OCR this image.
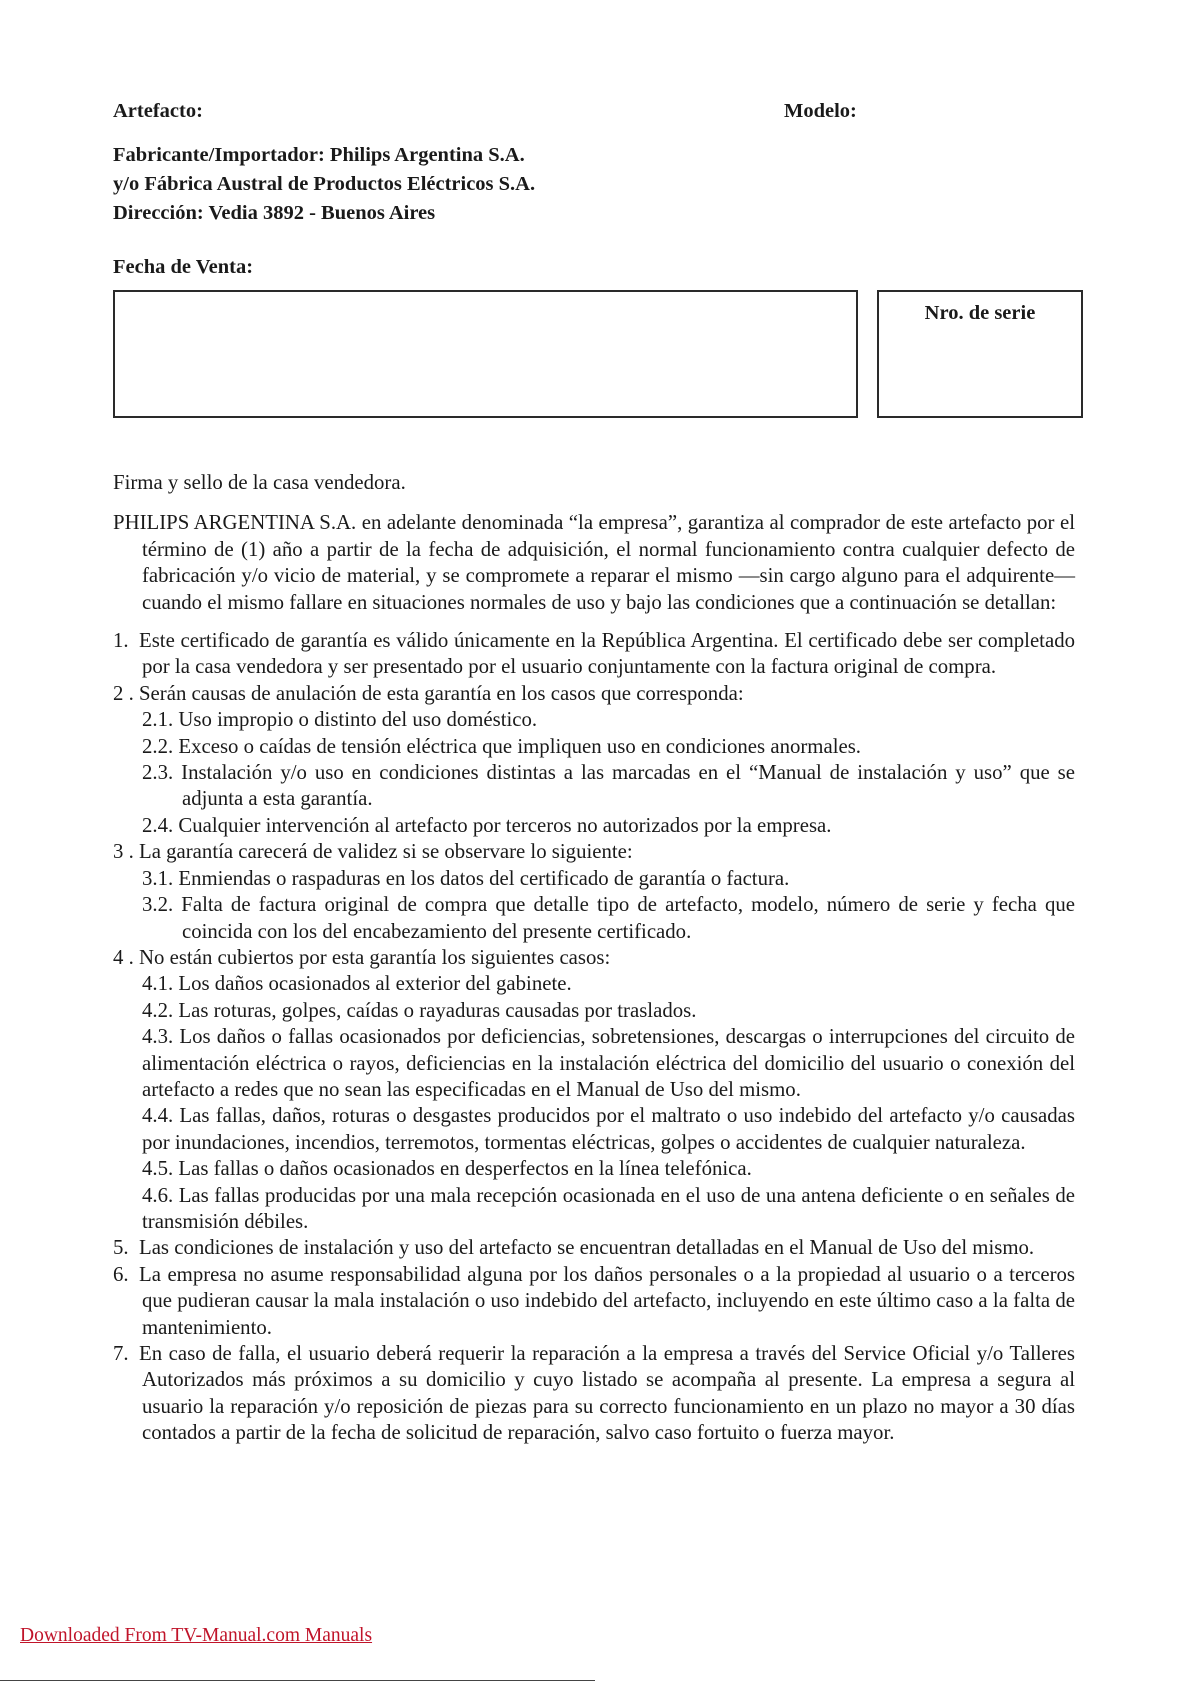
Artefacto:	Modelo:
Fabricante/Importador: Philips Argentina S.A.
y/o Fábrica Austral de Productos Eléctricos S.A.
Dirección: Vedia 3892 - Buenos Aires
Fecha de Venta:
Nro. de serie

Firma y sello de la casa vendedora.

PHILIPS ARGENTINA S.A. en adelante denominada “la empresa”, garantiza al comprador de este artefacto por el término de (1) año a partir de la fecha de adquisición, el normal funcionamiento contra cualquier defecto de fabricación y/o vicio de material, y se compromete a reparar el mismo —sin cargo alguno para el adquirente— cuando el mismo fallare en situaciones normales de uso y bajo las condiciones que a continuación se detallan:

1. Este certificado de garantía es válido únicamente en la República Argentina. El certificado debe ser completado por la casa vendedora y ser presentado por el usuario conjuntamente con la factura original de compra.

2 . Serán causas de anulación de esta garantía en los casos que corresponda:

2.1. Uso impropio o distinto del uso doméstico.

2.2. Exceso o caídas de tensión eléctrica que impliquen uso en condiciones anormales.

2.3. Instalación y/o uso en condiciones distintas a las marcadas en el “Manual de instalación y uso” que se adjunta a esta garantía.

2.4. Cualquier intervención al artefacto por terceros no autorizados por la empresa.

3 . La garantía carecerá de validez si se observare lo siguiente:

3.1. Enmiendas o raspaduras en los datos del certificado de garantía o factura.

3.2. Falta de factura original de compra que detalle tipo de artefacto, modelo, número de serie y fecha que coincida con los del encabezamiento del presente certificado.

4 . No están cubiertos por esta garantía los siguientes casos:

4.1. Los daños ocasionados al exterior del gabinete.

4.2. Las roturas, golpes, caídas o rayaduras causadas por traslados.

4.3. Los daños o fallas ocasionados por deficiencias, sobretensiones, descargas o interrupciones del circuito de alimentación eléctrica o rayos, deficiencias en la instalación eléctrica del domicilio del usuario o conexión del artefacto a redes que no sean las especificadas en el Manual de Uso del mismo.

4.4. Las fallas, daños, roturas o desgastes producidos por el maltrato o uso indebido del artefacto y/o causadas por inundaciones, incendios, terremotos, tormentas eléctricas, golpes o accidentes de cualquier naturaleza.

4.5. Las fallas o daños ocasionados en desperfectos en la línea telefónica.

4.6. Las fallas producidas por una mala recepción ocasionada en el uso de una antena deficiente o en señales de transmisión débiles.

5. Las condiciones de instalación y uso del artefacto se encuentran detalladas en el Manual de Uso del mismo.

6. La empresa no asume responsabilidad alguna por los daños personales o a la propiedad al usuario o a terceros que pudieran causar la mala instalación o uso indebido del artefacto, incluyendo en este último caso a la falta de mantenimiento.

7. En caso de falla, el usuario deberá requerir la reparación a la empresa a través del Service Oficial y/o Talleres Autorizados más próximos a su domicilio y cuyo listado se acompaña al presente. La empresa a segura al usuario la reparación y/o reposición de piezas para su correcto funcionamiento en un plazo no mayor a 30 días contados a partir de la fecha de solicitud de reparación, salvo caso fortuito o fuerza mayor.

Downloaded From TV-Manual.com Manuals
